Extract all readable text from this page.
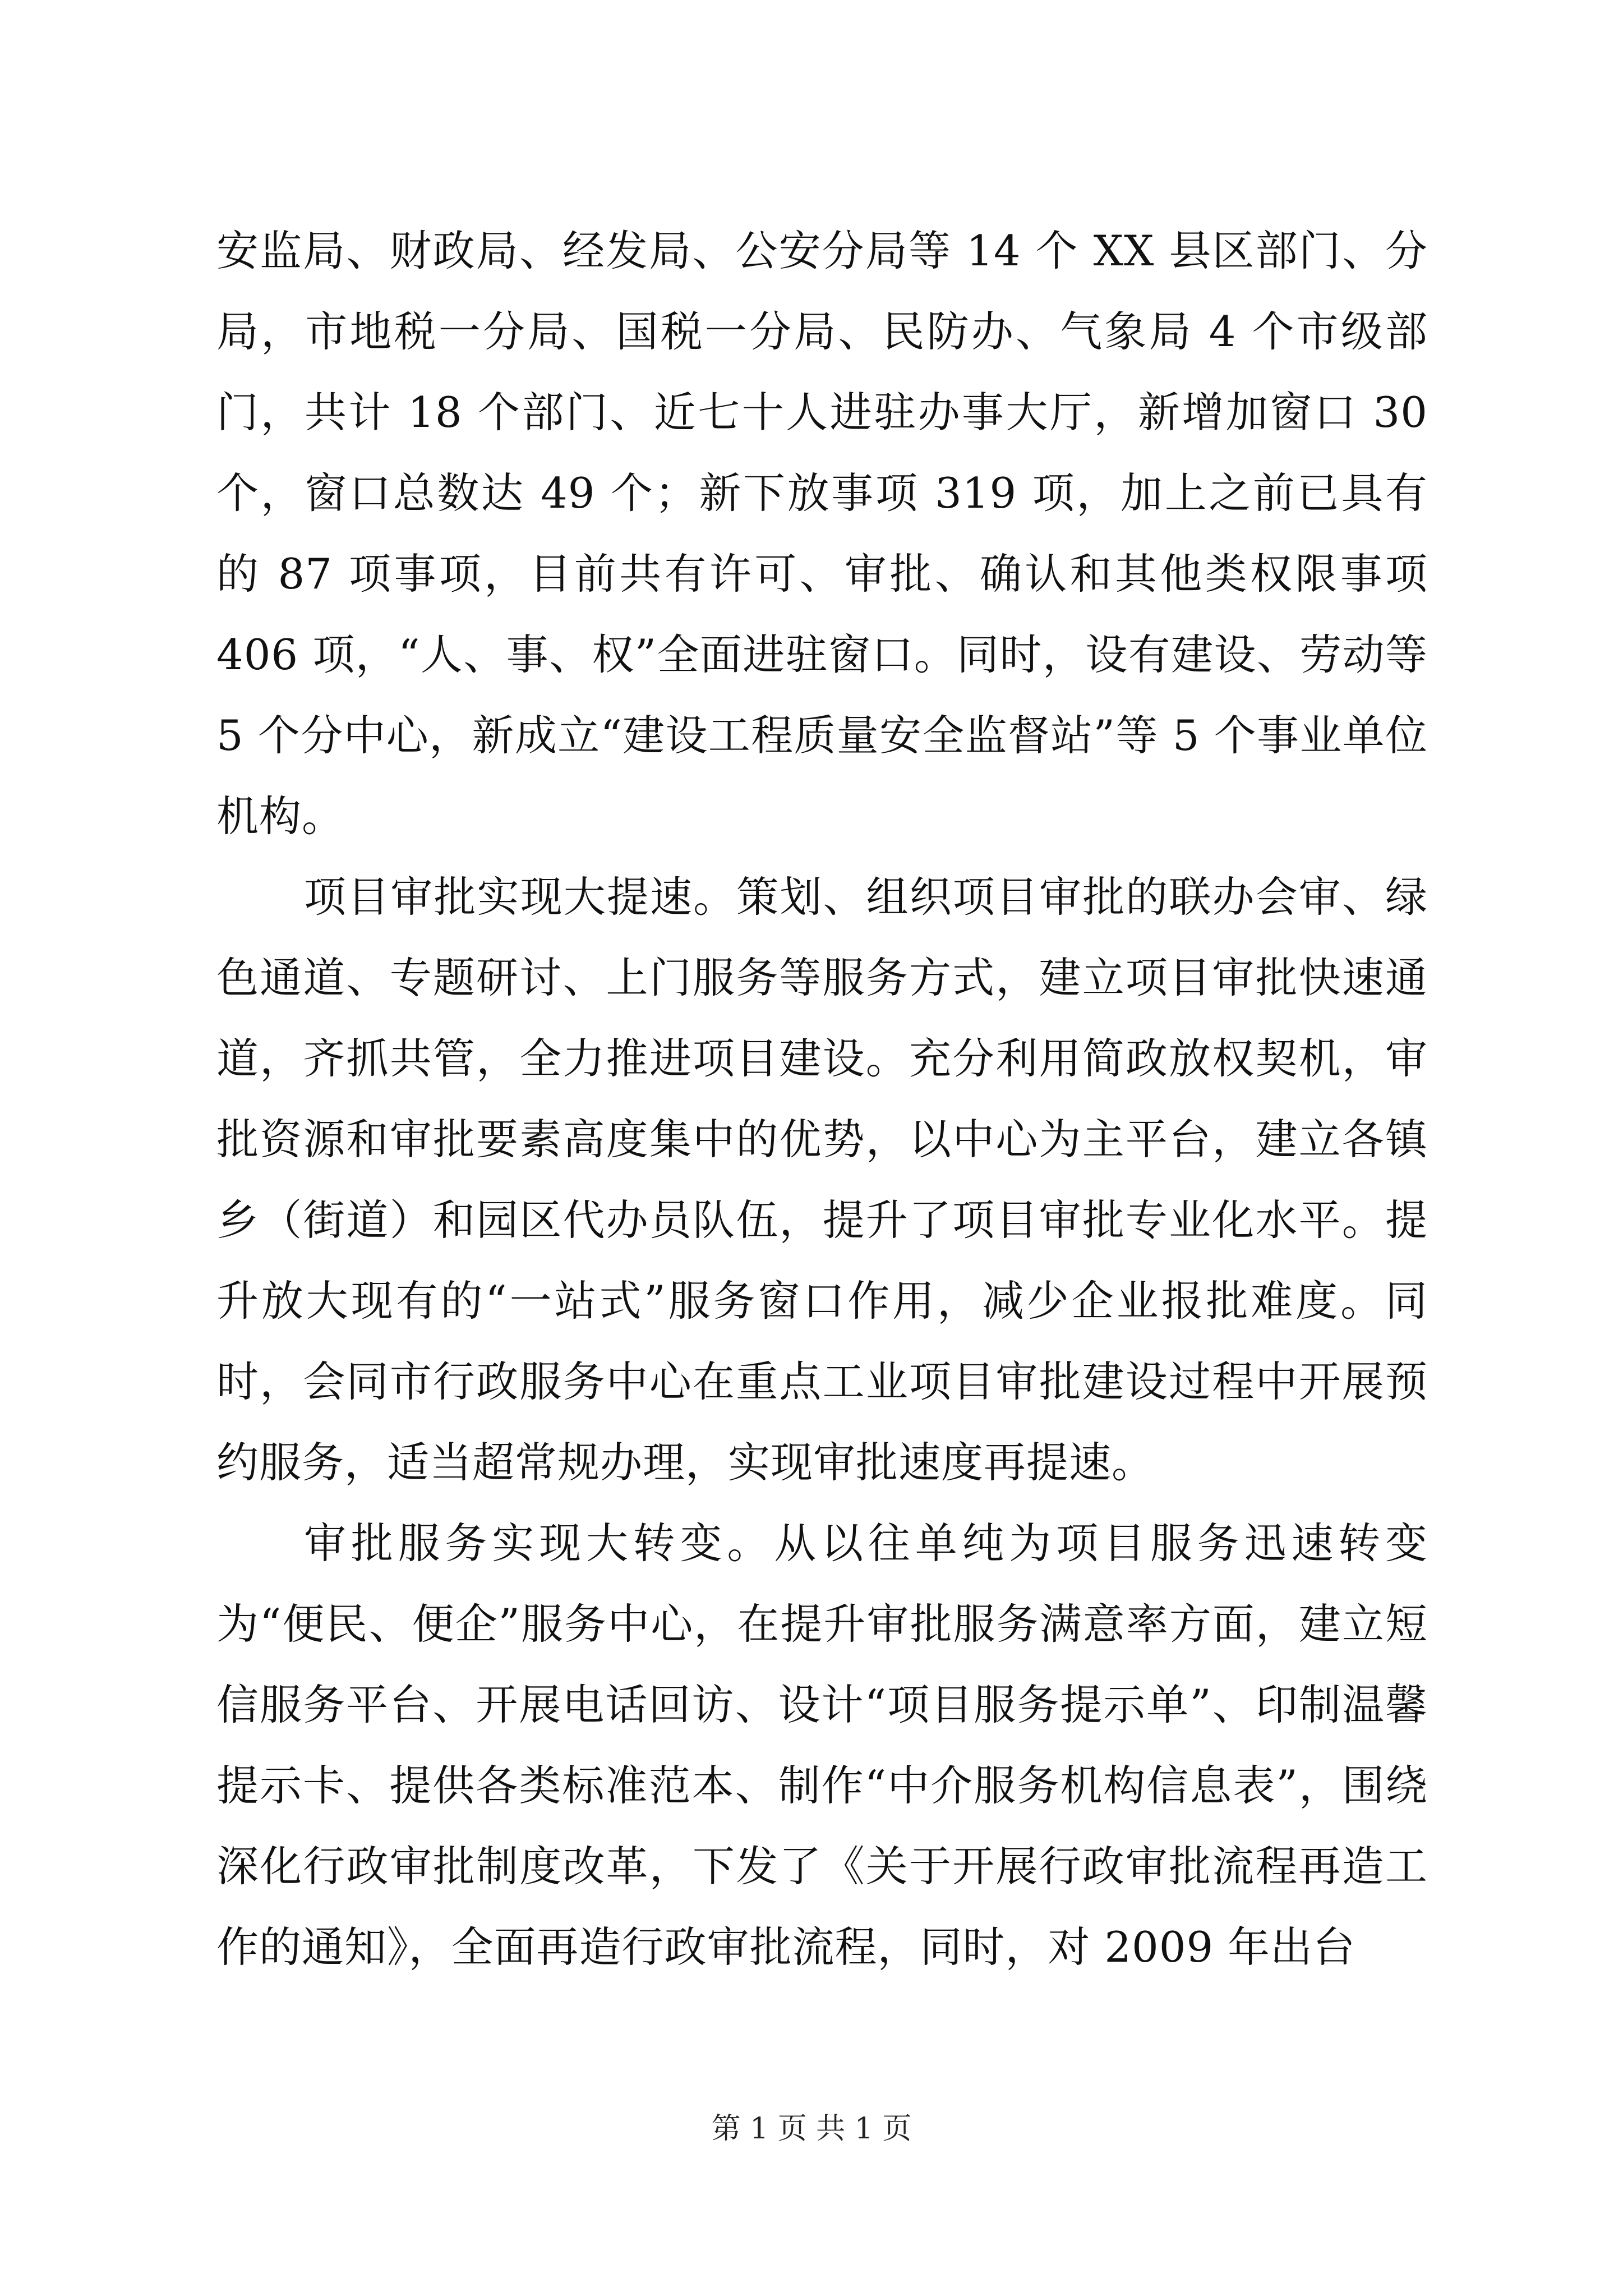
安监局、财政局、经发局、公安分局等 14 个 XX 县区部门、分局，市地税一分局、国税一分局、民防办、气象局 4 个市级部门，共计 18 个部门、近七十人进驻办事大厅，新增加窗口 30 个，窗口总数达 49 个；新下放事项 319 项，加上之前已具有的 87 项事项，目前共有许可、审批、确认和其他类权限事项 406 项，“人、事、权”全面进驻窗口。同时，设有建设、劳动等 5 个分中心，新成立“建设工程质量安全监督站”等 5 个事业单位机构。

项目审批实现大提速。策划、组织项目审批的联办会审、绿色通道、专题研讨、上门服务等服务方式，建立项目审批快速通道，齐抓共管，全力推进项目建设。充分利用简政放权契机，审批资源和审批要素高度集中的优势，以中心为主平台，建立各镇乡（街道）和园区代办员队伍，提升了项目审批专业化水平。提升放大现有的“一站式”服务窗口作用，减少企业报批难度。同时，会同市行政服务中心在重点工业项目审批建设过程中开展预约服务，适当超常规办理，实现审批速度再提速。

审批服务实现大转变。从以往单纯为项目服务迅速转变为“便民、便企”服务中心，在提升审批服务满意率方面，建立短信服务平台、开展电话回访、设计“项目服务提示单”、印制温馨提示卡、提供各类标准范本、制作“中介服务机构信息表”，围绕深化行政审批制度改革，下发了《关于开展行政审批流程再造工作的通知》，全面再造行政审批流程，同时，对 2009 年出台

第 1 页 共 1 页
